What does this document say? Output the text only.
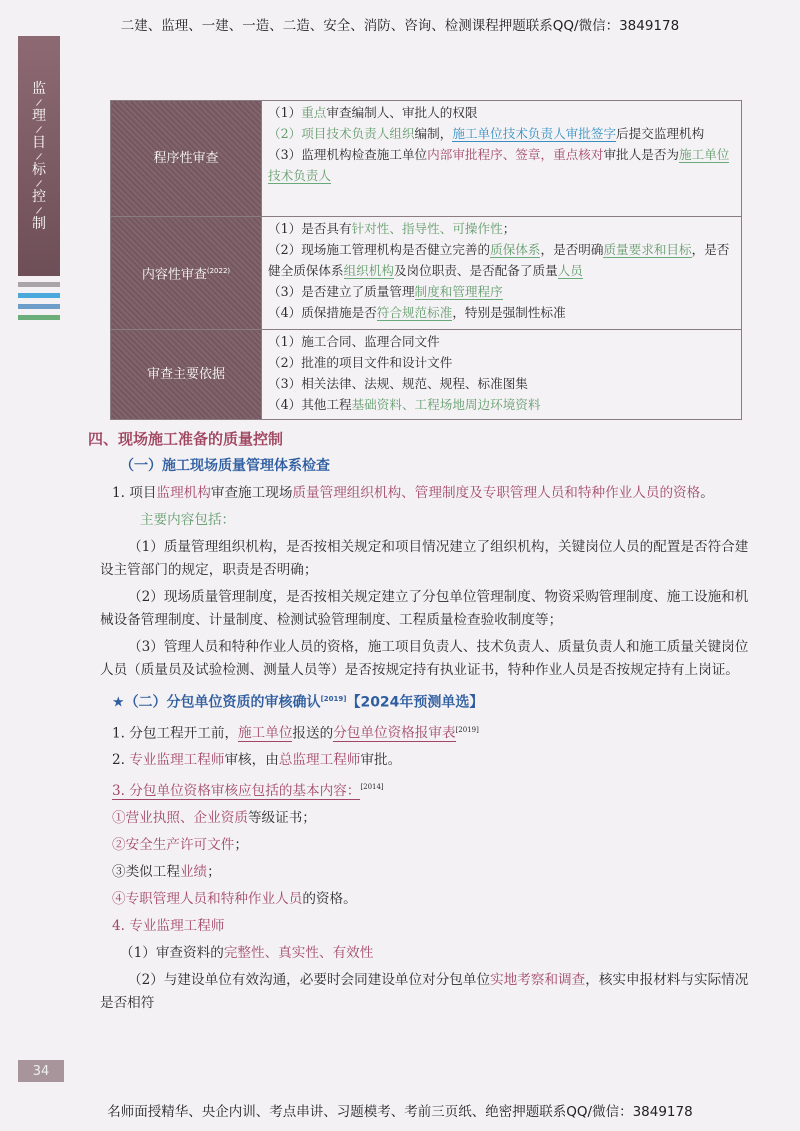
二建、监理、一建、一造、二造、安全、消防、咨询、检测课程押题联系QQ/微信：3849178
监
理
目
标
控
制
程序性审查	（1）重点审查编制人、审批人的权限
（2）项目技术负责人组织编制，施工单位技术负责人审批签字后提交监理机构
（3）监理机构检查施工单位内部审批程序、签章，重点核对审批人是否为施工单位技术负责人

内容性审查$^{(2022)}$	（1）是否具有针对性、指导性、可操作性；
（2）现场施工管理机构是否健立完善的质保体系，是否明确质量要求和目标，是否健全质保体系组织机构及岗位职责、是否配备了质量人员
（3）是否建立了质量管理制度和管理程序
（4）质保措施是否符合规范标准，特别是强制性标准

审查主要依据	（1）施工合同、监理合同文件
（2）批准的项目文件和设计文件
（3）相关法律、法规、规范、规程、标准图集
（4）其他工程基础资料、工程场地周边环境资料

四、现场施工准备的质量控制

（一）施工现场质量管理体系检查

1. 项目监理机构审查施工现场质量管理组织机构、管理制度及专职管理人员和特种作业人员的资格。

主要内容包括：

（1）质量管理组织机构，是否按相关规定和项目情况建立了组织机构，关键岗位人员的配置是否符合建设主管部门的规定，职责是否明确；

（2）现场质量管理制度，是否按相关规定建立了分包单位管理制度、物资采购管理制度、施工设施和机械设备管理制度、计量制度、检测试验管理制度、工程质量检查验收制度等；

（3）管理人员和特种作业人员的资格，施工项目负责人、技术负责人、质量负责人和施工质量关键岗位人员（质量员及试验检测、测量人员等）是否按规定持有执业证书，特种作业人员是否按规定持有上岗证。

★（二）分包单位资质的审核确认[2019]【2024年预测单选】

1. 分包工程开工前，施工单位报送的分包单位资格报审表[2019]

2. 专业监理工程师审核，由总监理工程师审批。

3. 分包单位资格审核应包括的基本内容：[2014]

①营业执照、企业资质等级证书；

②安全生产许可文件；

③类似工程业绩；

④专职管理人员和特种作业人员的资格。

4. 专业监理工程师

（1）审查资料的完整性、真实性、有效性

（2）与建设单位有效沟通，必要时会同建设单位对分包单位实地考察和调查，核实申报材料与实际情况是否相符

34
名师面授精华、央企内训、考点串讲、习题模考、考前三页纸、绝密押题联系QQ/微信：3849178
